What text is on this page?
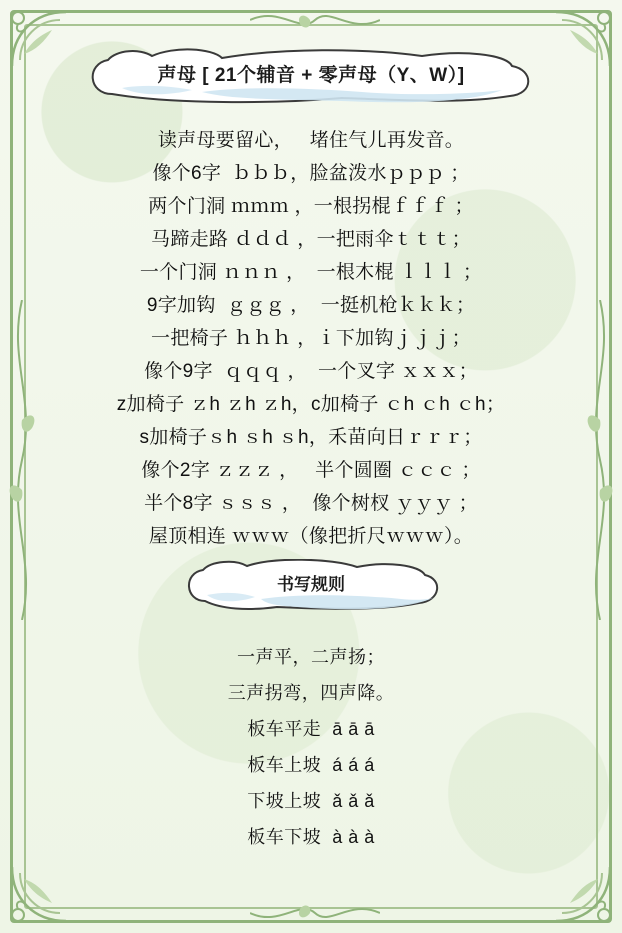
声母 [ 21个辅音 + 零声母（Y、W）]
读声母要留心，   堵住气儿再发音。
像个6字  ｂｂｂ，脸盆泼水ｐｐｐ ；
两个门洞 ｍｍｍ ，一根拐棍ｆｆｆ ；
马蹄走路 ｄｄｄ ，一把雨伞ｔｔｔ；
一个门洞 ｎｎｎ ，  一根木棍 ｌｌｌ ；
9字加钩  ｇｇｇ ，  一挺机枪ｋｋｋ；
一把椅子 ｈｈｈ ，ｉ下加钩ｊｊｊ；
像个9字  ｑｑｑ ，  一个叉字 ｘｘｘ；
z加椅子 ｚh ｚh ｚh，c加椅子 ｃh ｃh ｃh；
s加椅子ｓh ｓh ｓh，禾苗向日ｒｒｒ；
像个2字 ｚｚｚ ，   半个圆圈 ｃｃｃ ；
半个8字 ｓｓｓ ，  像个树杈 ｙｙｙ ；
屋顶相连 ｗｗｗ（像把折尺ｗｗｗ）。
书写规则
一声平，二声扬；
三声拐弯，四声降。
板车平走  ā ā ā
板车上坡  á á á
下坡上坡  ǎ ǎ ǎ
板车下坡  à à à
